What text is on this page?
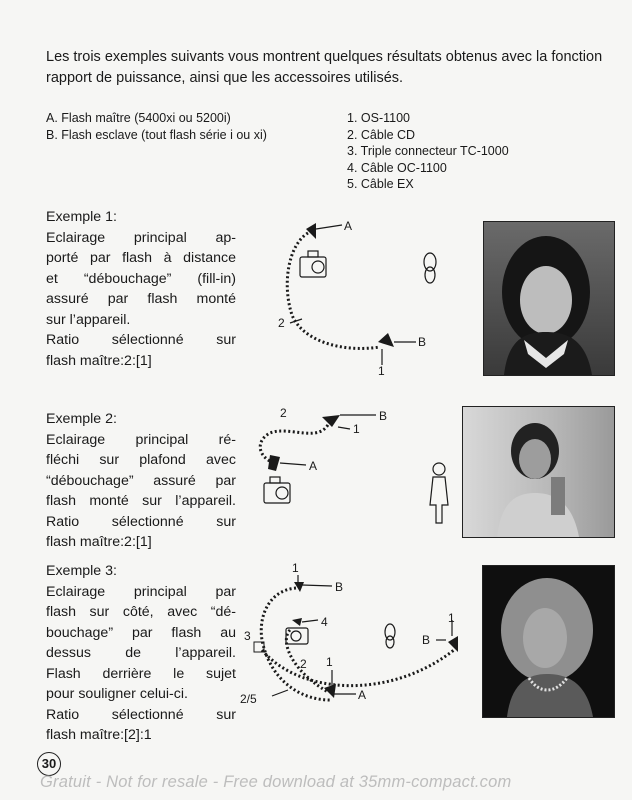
Les trois exemples suivants vous montrent quelques résultats obtenus avec la fonction rapport de puissance, ainsi que les accessoires utilisés.
A. Flash maître (5400xi ou 5200i)
B. Flash esclave (tout flash série i ou xi)
1. OS-1100
2. Câble CD
3. Triple connecteur TC-1000
4. Câble OC-1100
5. Câble EX
Exemple 1:
Eclairage principal ap-
porté par flash à distance
et “débouchage” (fill-in)
assuré par flash monté
sur l’appareil.
Ratio sélectionné sur
flash maître:2:[1]
Exemple 2:
Eclairage principal ré-
fléchi sur plafond avec
“débouchage” assuré par
flash monté sur l’appareil.
Ratio sélectionné sur
flash maître:2:[1]
Exemple 3:
Eclairage principal par
flash sur côté, avec “dé-
bouchage” par flash au
dessus de l’appareil.
Flash derrière le sujet
pour souligner celui-ci.
Ratio sélectionné sur
flash maître:[2]:1
A
B
2
1
2	B
1
A
1
B
4
3	B
1
2 1
A
2/5
30
Gratuit - Not for resale - Free download at 35mm-compact.com
